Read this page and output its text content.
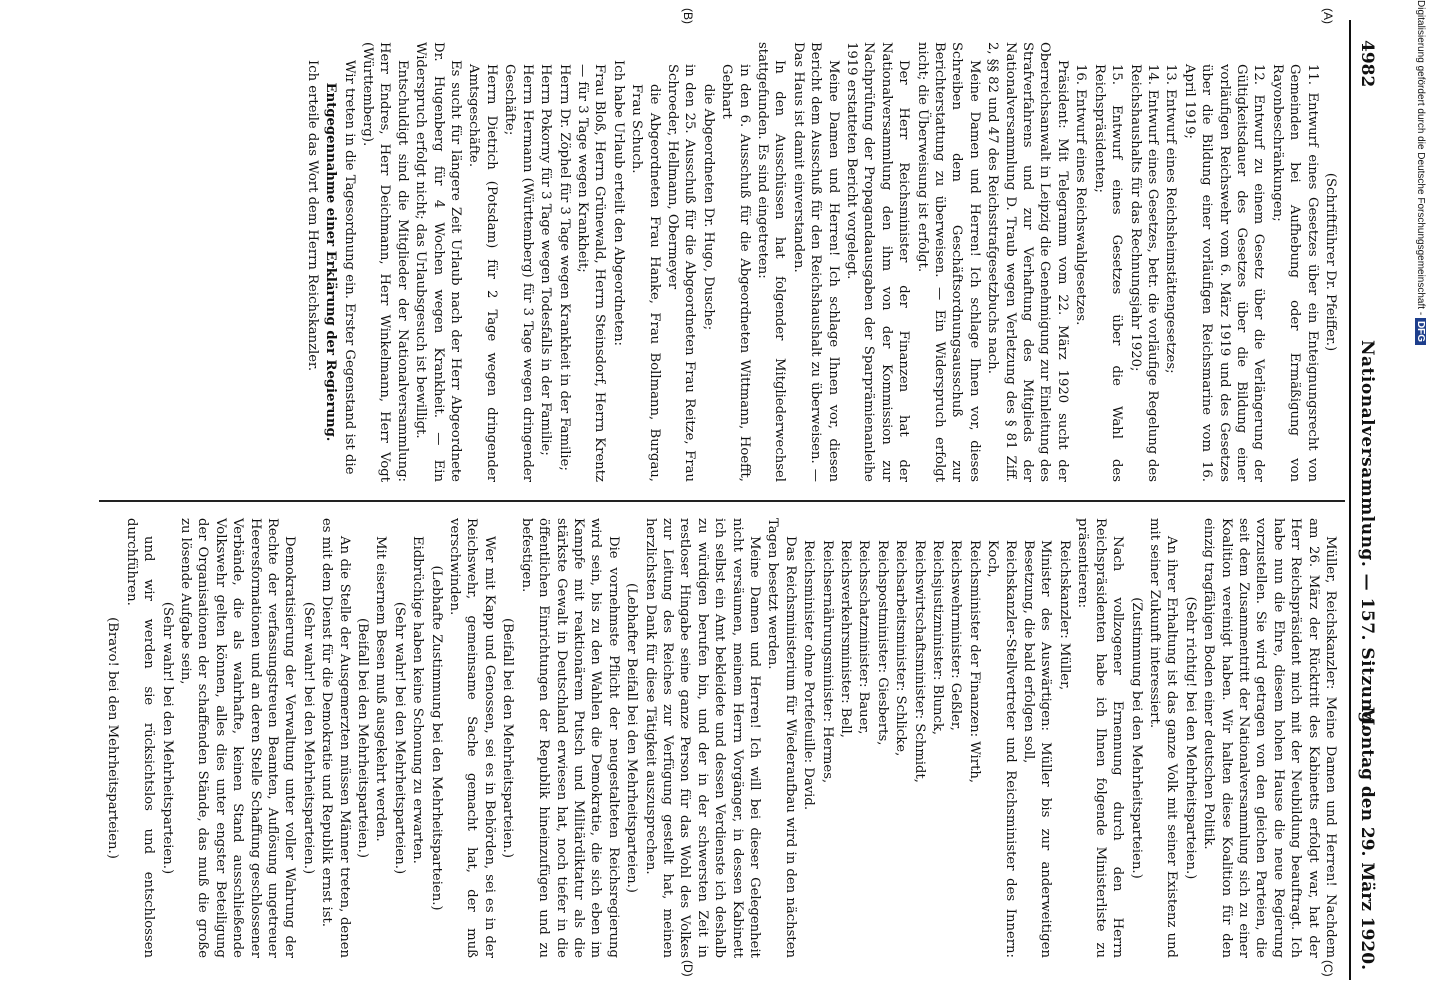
4982
Nationalversammlung. — 157. Sitzung.
Montag den 29. März 1920.
(A)
(B)
(C)
(D)

(Schriftführer Dr. Pfeiffer.)

11. Entwurf eines Gesetzes über ein Enteignungsrecht von Gemeinden bei Aufhebung oder Ermäßigung von Rayonbeschränkungen;

12. Entwurf zu einem Gesetz über die Verlängerung der Gültigkeitsdauer des Gesetzes über die Bildung einer vorläufigen Reichswehr vom 6. März 1919 und des Gesetzes über die Bildung einer vorläufigen Reichsmarine vom 16. April 1919;

13. Entwurf eines Reichsheimstättengesetzes;

14. Entwurf eines Gesetzes, betr. die vorläufige Regelung des Reichshaushalts für das Rechnungsjahr 1920;

15. Entwurf eines Gesetzes über die Wahl des Reichspräsidenten;

16. Entwurf eines Reichswahlgesetzes.

Präsident: Mit Telegramm vom 22. März 1920 sucht der Oberreichsanwalt in Leipzig die Genehmigung zur Einleitung des Strafverfahrens und zur Verhaftung des Mitglieds der Nationalversammlung D. Traub wegen Verletzung des § 81 Ziff. 2, §§ 82 und 47 des Reichsstrafgesetzbuchs nach.

Meine Damen und Herren! Ich schlage Ihnen vor, dieses Schreiben dem Geschäftsordnungsausschuß zur Berichterstattung zu überweisen. — Ein Widerspruch erfolgt nicht; die Überweisung ist erfolgt.

Der Herr Reichsminister der Finanzen hat der Nationalversammlung den ihm von der Kommission zur Nachprüfung der Propagandaausgaben der Sparprämienanleihe 1919 erstatteten Bericht vorgelegt.

Meine Damen und Herren! Ich schlage Ihnen vor, diesen Bericht dem Ausschuß für den Reichshaushalt zu überweisen. — Das Haus ist damit einverstanden.

In den Ausschüssen hat folgender Mitgliederwechsel stattgefunden. Es sind eingetreten:

in den 6. Ausschuß für die Abgeordneten Wittmann, Hoefft, Gebhart

die Abgeordneten Dr. Hugo, Dusche;

in den 25. Ausschuß für die Abgeordneten Frau Reitze, Frau Schroeder, Hellmann, Obermeyer

die Abgeordneten Frau Hanke, Frau Bollmann, Burgau, Frau Schuch.

Ich habe Urlaub erteilt den Abgeordneten:

Frau Bloß, Herrn Grünewald, Herrn Steinsdorf, Herrn Krentz — für 3 Tage wegen Krankheit;

Herrn Dr. Zöphel für 3 Tage wegen Krankheit in der Familie;

Herrn Pokorny für 3 Tage wegen Todesfalls in der Familie;

Herrn Hermann (Württemberg) für 3 Tage wegen dringender Geschäfte;

Herrn Dietrich (Potsdam) für 2 Tage wegen dringender Amtsgeschäfte.

Es sucht für längere Zeit Urlaub nach der Herr Abgeordnete Dr. Hugenberg für 4 Wochen wegen Krankheit. — Ein Widerspruch erfolgt nicht; das Urlaubsgesuch ist bewilligt.

Entschuldigt sind die Mitglieder der Nationalversammlung: Herr Endres, Herr Deichmann, Herr Winkelmann, Herr Vogt (Württemberg).

Wir treten in die Tagesordnung ein. Erster Gegenstand ist die

Entgegennahme einer Erklärung der Regierung.

Ich erteile das Wort dem Herrn Reichskanzler.

Müller, Reichskanzler: Meine Damen und Herren! Nachdem am 26. März der Rücktritt des Kabinetts erfolgt war, hat der Herr Reichspräsident mich mit der Neubildung beauftragt. Ich habe nun die Ehre, diesem hohen Hause die neue Regierung vorzustellen. Sie wird getragen von den gleichen Parteien, die seit dem Zusammentritt der Nationalversammlung sich zu einer Koalition vereinigt haben. Wir halten diese Koalition für den einzig tragfähigen Boden einer deutschen Politik.

(Sehr richtig! bei den Mehrheitsparteien.)

An ihrer Erhaltung ist das ganze Volk mit seiner Existenz und mit seiner Zukunft interessiert.

(Zustimmung bei den Mehrheitsparteien.)

Nach vollzogener Ernennung durch den Herrn Reichspräsidenten habe ich Ihnen folgende Ministerliste zu präsentieren:

Reichskanzler: Müller,

Minister des Auswärtigen: Müller bis zur anderweitigen Besetzung, die bald erfolgen soll,

Reichskanzler-Stellvertreter und Reichsminister des Innern: Koch,

Reichsminister der Finanzen: Wirth,

Reichswehrminister: Geßler,

Reichsjustizminister: Blunck,

Reichswirtschaftsminister: Schmidt,

Reichsarbeitsminister: Schlicke,

Reichspostminister: Giesberts,

Reichsschatzminister: Bauer,

Reichsverkehrsminister: Bell,

Reichsernährungsminister: Hermes,

Reichsminister ohne Portefeuille: David.

Das Reichsministerium für Wiederaufbau wird in den nächsten Tagen besetzt werden.

Meine Damen und Herren! Ich will bei dieser Gelegenheit nicht versäumen, meinem Herrn Vorgänger, in dessen Kabinett ich selbst ein Amt bekleidete und dessen Verdienste ich deshalb zu würdigen berufen bin, und der in der schwersten Zeit in restloser Hingabe seine ganze Person für das Wohl des Volkes zur Leitung des Reiches zur Verfügung gestellt hat, meinen herzlichsten Dank für diese Tätigkeit auszusprechen.

(Lebhafter Beifall bei den Mehrheitsparteien.)

Die vornehmste Pflicht der neugestalteten Reichsregierung wird sein, bis zu den Wahlen die Demokratie, die sich eben im Kampfe mit reaktionärem Putsch und Militärdiktatur als die stärkste Gewalt in Deutschland erwiesen hat, noch tiefer in die öffentlichen Einrichtungen der Republik hineinzufügen und zu befestigen.

(Beifall bei den Mehrheitsparteien.)

Wer mit Kapp und Genossen, sei es in Behörden, sei es in der Reichswehr, gemeinsame Sache gemacht hat, der muß verschwinden.

(Lebhafte Zustimmung bei den Mehrheitsparteien.)

Eidbrüchige haben keine Schonung zu erwarten.

(Sehr wahr! bei den Mehrheitsparteien.)

Mit eisernem Besen muß ausgekehrt werden.

(Beifall bei den Mehrheitsparteien.)

An die Stelle der Ausgemerzten müssen Männer treten, denen es mit dem Dienst für die Demokratie und Republik ernst ist.

(Sehr wahr! bei den Mehrheitsparteien.)

Demokratisierung der Verwaltung unter voller Wahrung der Rechte der verfassungstreuen Beamten, Auflösung ungetreuer Heeresformationen und an deren Stelle Schaffung geschlossener Verbände, die als wahrhafte, keinen Stand ausschließende Volkswehr gelten können, alles dies unter engster Beteiligung der Organisationen der schaffenden Stände, das muß die große zu lösende Aufgabe sein,

(Sehr wahr! bei den Mehrheitsparteien.)

und wir werden sie rücksichtslos und entschlossen durchführen.

(Bravo! bei den Mehrheitsparteien.)

Digitalisierung gefördert durch die Deutsche Forschungsgemeinschaft - DFG
